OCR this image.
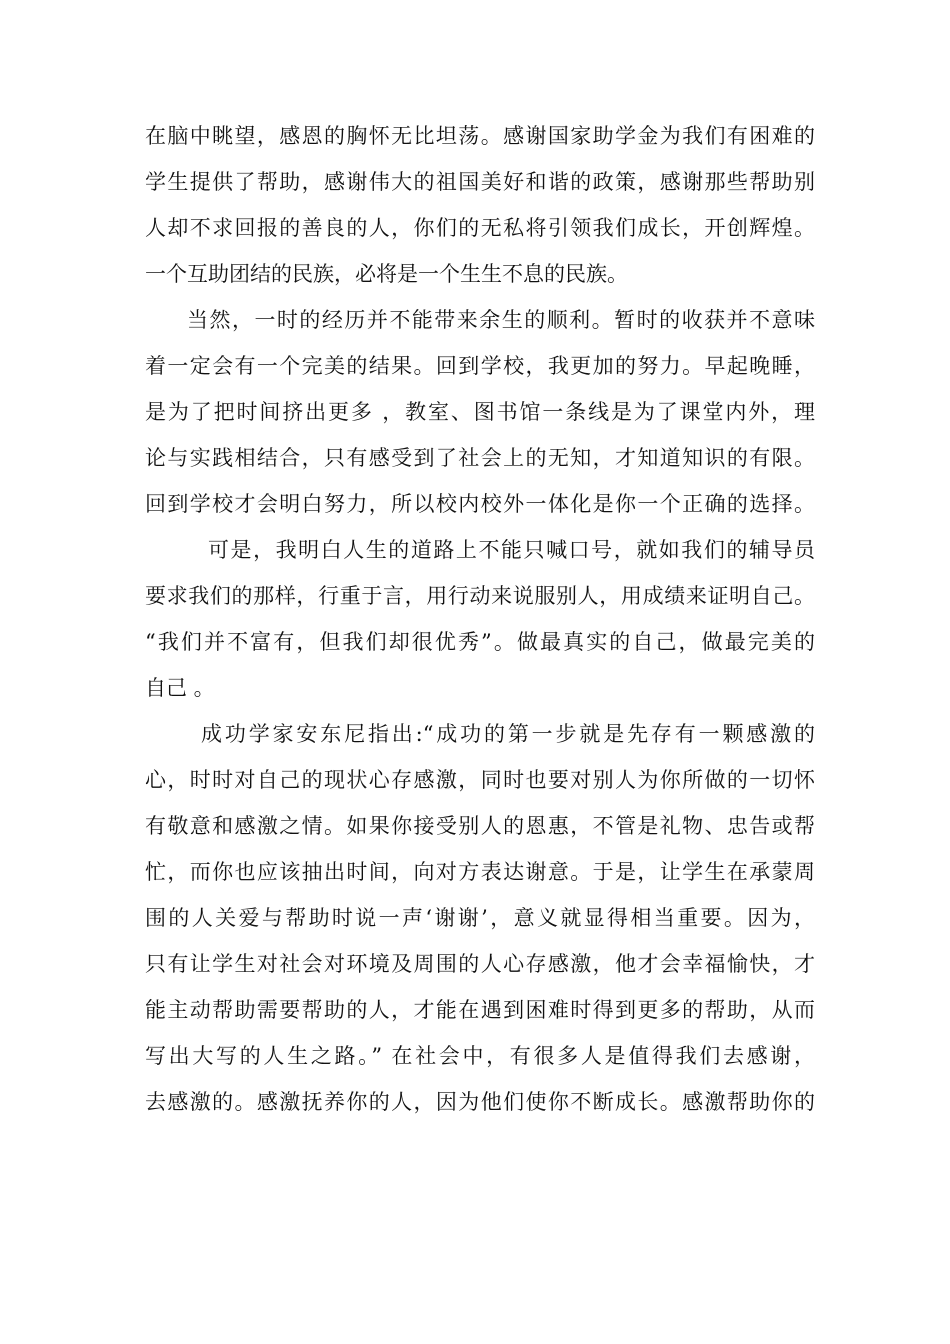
在脑中眺望，感恩的胸怀无比坦荡。感谢国家助学金为我们有困难的
学生提供了帮助，感谢伟大的祖国美好和谐的政策，感谢那些帮助别
人却不求回报的善良的人，你们的无私将引领我们成长，开创辉煌。
一个互助团结的民族，必将是一个生生不息的民族。
当然，一时的经历并不能带来余生的顺利。暂时的收获并不意味
着一定会有一个完美的结果。回到学校，我更加的努力。早起晚睡，
是为了把时间挤出更多 ，教室、图书馆一条线是为了课堂内外，理
论与实践相结合，只有感受到了社会上的无知，才知道知识的有限。
回到学校才会明白努力，所以校内校外一体化是你一个正确的选择。
可是，我明白人生的道路上不能只喊口号，就如我们的辅导员
要求我们的那样，行重于言，用行动来说服别人，用成绩来证明自己。
“我们并不富有，但我们却很优秀”。做最真实的自己，做最完美的
自己 。
成功学家安东尼指出:“成功的第一步就是先存有一颗感激的
心，时时对自己的现状心存感激，同时也要对别人为你所做的一切怀
有敬意和感激之情。如果你接受别人的恩惠，不管是礼物、忠告或帮
忙，而你也应该抽出时间，向对方表达谢意。于是，让学生在承蒙周
围的人关爱与帮助时说一声‘谢谢’，意义就显得相当重要。因为，
只有让学生对社会对环境及周围的人心存感激，他才会幸福愉快，才
能主动帮助需要帮助的人，才能在遇到困难时得到更多的帮助，从而
写出大写的人生之路。” 在社会中，有很多人是值得我们去感谢，
去感激的。感激抚养你的人，因为他们使你不断成长。感激帮助你的
